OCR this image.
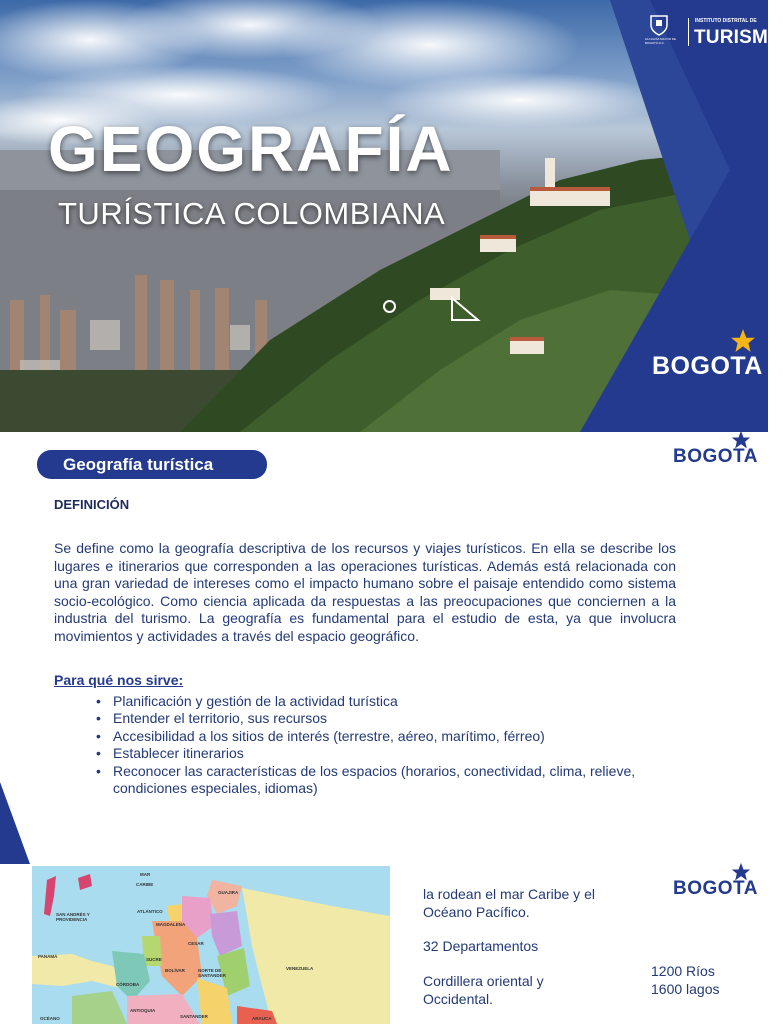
GEOGRAFÍA
TURÍSTICA COLOMBIANA
ALCALDÍA MAYOR DE BOGOTÁ D.C.
INSTITUTO DISTRITAL DE
TURISMO
BOGOTA
Geografía turística	BOGOTA
DEFINICIÓN

Se define como la geografía descriptiva de los recursos y viajes turísticos. En ella se describe los lugares e itinerarios que corresponden a las operaciones turísticas. Además está relacionada con una gran variedad de intereses como el impacto humano sobre el paisaje entendido como sistema socio-ecológico. Como ciencia aplicada da respuestas a las preocupaciones que conciernen a la industria del turismo. La geografía es fundamental para el estudio de esta, ya que involucra movimientos y actividades a través del espacio geográfico.

Para qué nos sirve:
• Planificación y gestión de la actividad turística
• Entender el territorio, sus recursos
• Accesibilidad a los sitios de interés (terrestre, aéreo, marítimo, férreo)
• Establecer itinerarios
• Reconocer las características de los espacios (horarios, conectividad, clima, relieve, condiciones especiales, idiomas)
MAR
CARIBE
SAN ANDRÉS Y PROVIDENCIA
GUAJIRA
ATLÁNTICO
MAGDALENA
CESAR
SUCRE
BOLÍVAR	NORTE DE SANTANDER
CÓRDOBA
PANAMÁ
VENEZUELA
ANTIOQUIA
SANTANDER	ARAUCA
OCÉANO

la rodean el mar Caribe y el Océano Pacífico.

32 Departamentos

Cordillera oriental y Occidental.

1200 Ríos

1600 lagos

BOGOTA
